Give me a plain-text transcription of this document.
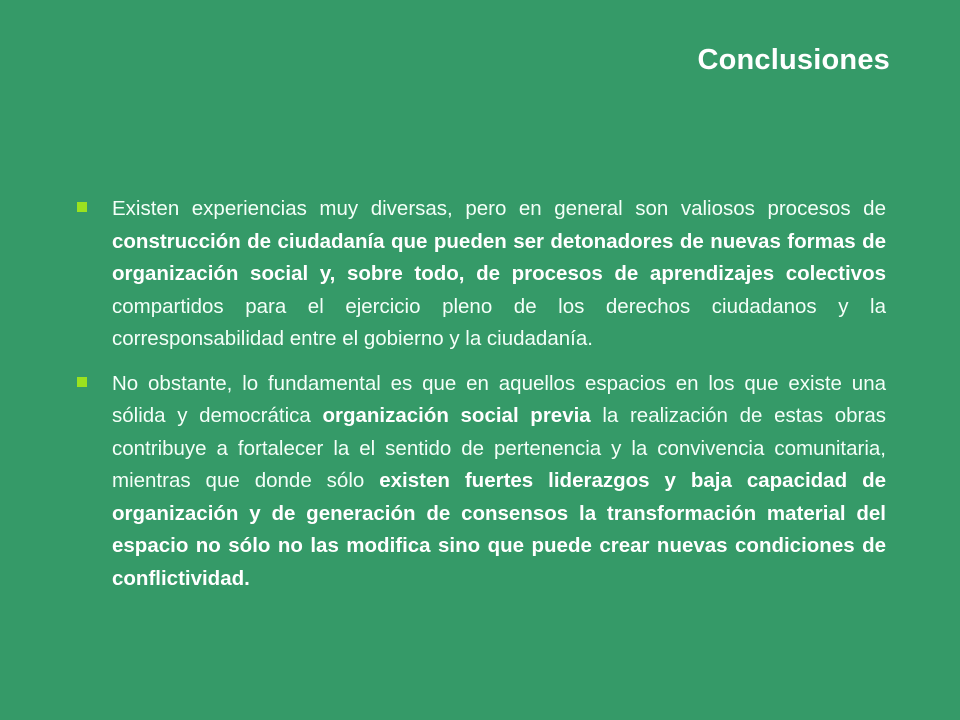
Conclusiones

Existen experiencias muy diversas, pero en general son valiosos procesos de construcción de ciudadanía que pueden ser detonadores de nuevas formas de organización social y, sobre todo, de procesos de aprendizajes colectivos compartidos para el ejercicio pleno de los derechos ciudadanos y la corresponsabilidad entre el gobierno y la ciudadanía.

No obstante, lo fundamental es que en aquellos espacios en los que existe una sólida y democrática organización social previa la realización de estas obras contribuye a fortalecer la el sentido de pertenencia y la convivencia comunitaria, mientras que donde sólo existen fuertes liderazgos y baja capacidad de organización y de generación de consensos la transformación material del espacio no sólo no las modifica sino que puede crear nuevas condiciones de conflictividad.
